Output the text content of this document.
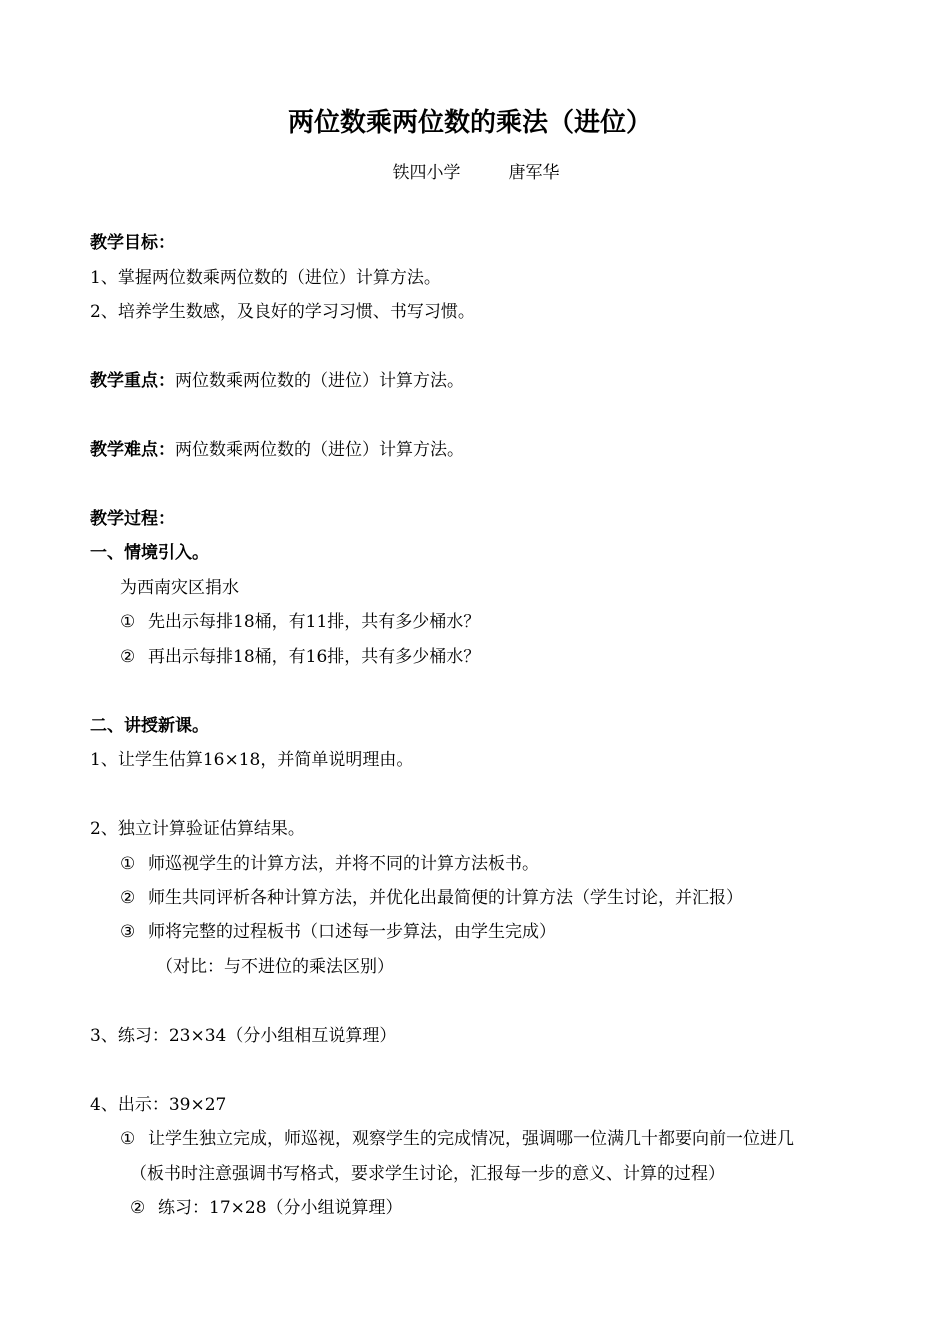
两位数乘两位数的乘法（进位）
铁四小学	唐军华
教学目标：
1、掌握两位数乘两位数的（进位）计算方法。
2、培养学生数感，及良好的学习习惯、书写习惯。
教学重点：两位数乘两位数的（进位）计算方法。
教学难点：两位数乘两位数的（进位）计算方法。
教学过程：
一、情境引入。
为西南灾区捐水
① 先出示每排18桶，有11排，共有多少桶水？
② 再出示每排18桶，有16排，共有多少桶水？
二、讲授新课。
1、让学生估算16×18，并简单说明理由。
2、独立计算验证估算结果。
① 师巡视学生的计算方法，并将不同的计算方法板书。
② 师生共同评析各种计算方法，并优化出最简便的计算方法（学生讨论，并汇报）
③ 师将完整的过程板书（口述每一步算法，由学生完成）
（对比：与不进位的乘法区别）
3、练习：23×34（分小组相互说算理）
4、出示：39×27
① 让学生独立完成，师巡视，观察学生的完成情况，强调哪一位满几十都要向前一位进几
（板书时注意强调书写格式，要求学生讨论，汇报每一步的意义、计算的过程）
② 练习：17×28（分小组说算理）
